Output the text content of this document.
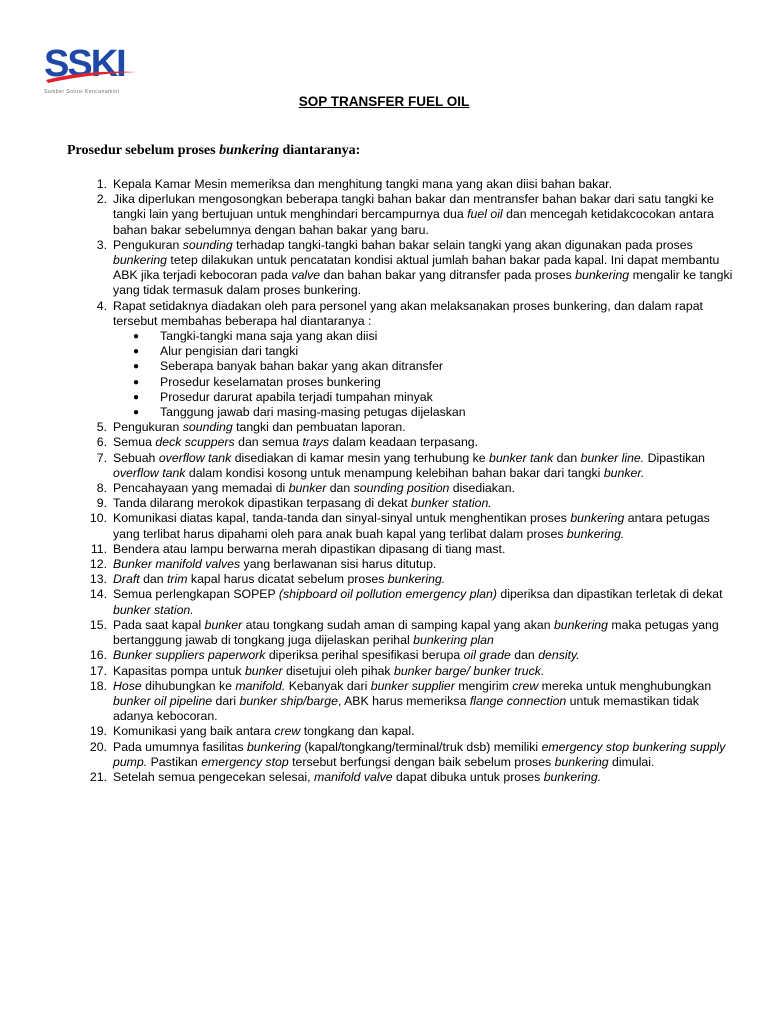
SSKI
Sumber Solusi Kencanamini
SOP TRANSFER FUEL OIL
Prosedur sebelum proses bunkering diantaranya:
1. Kepala Kamar Mesin memeriksa dan menghitung tangki mana yang akan diisi bahan bakar.
2. Jika diperlukan mengosongkan beberapa tangki bahan bakar dan mentransfer bahan bakar dari satu tangki ke tangki lain yang bertujuan untuk menghindari bercampurnya dua fuel oil dan mencegah ketidakcocokan antara bahan bakar sebelumnya dengan bahan bakar yang baru.
3. Pengukuran sounding terhadap tangki-tangki bahan bakar selain tangki yang akan digunakan pada proses bunkering tetep dilakukan untuk pencatatan kondisi aktual jumlah bahan bakar pada kapal. Ini dapat membantu ABK jika terjadi kebocoran pada valve dan bahan bakar yang ditransfer pada proses bunkering mengalir ke tangki yang tidak termasuk dalam proses bunkering.
4. Rapat setidaknya diadakan oleh para personel yang akan melaksanakan proses bunkering, dan dalam rapat tersebut membahas beberapa hal diantaranya :
●	Tangki-tangki mana saja yang akan diisi
●	Alur pengisian dari tangki
●	Seberapa banyak bahan bakar yang akan ditransfer
●	Prosedur keselamatan proses bunkering
●	Prosedur darurat apabila terjadi tumpahan minyak
●	Tanggung jawab dari masing-masing petugas dijelaskan
5. Pengukuran sounding tangki dan pembuatan laporan.
6. Semua deck scuppers dan semua trays dalam keadaan terpasang.
7. Sebuah overflow tank disediakan di kamar mesin yang terhubung ke bunker tank dan bunker line. Dipastikan overflow tank dalam kondisi kosong untuk menampung kelebihan bahan bakar dari tangki bunker.
8. Pencahayaan yang memadai di bunker dan sounding position disediakan.
9. Tanda dilarang merokok dipastikan terpasang di dekat bunker station.
10. Komunikasi diatas kapal, tanda-tanda dan sinyal-sinyal untuk menghentikan proses bunkering antara petugas yang terlibat harus dipahami oleh para anak buah kapal yang terlibat dalam proses bunkering.
11. Bendera atau lampu berwarna merah dipastikan dipasang di tiang mast.
12. Bunker manifold valves yang berlawanan sisi harus ditutup.
13. Draft dan trim kapal harus dicatat sebelum proses bunkering.
14. Semua perlengkapan SOPEP (shipboard oil pollution emergency plan) diperiksa dan dipastikan terletak di dekat bunker station.
15. Pada saat kapal bunker atau tongkang sudah aman di samping kapal yang akan bunkering maka petugas yang bertanggung jawab di tongkang juga dijelaskan perihal bunkering plan
16. Bunker suppliers paperwork diperiksa perihal spesifikasi berupa oil grade dan density.
17. Kapasitas pompa untuk bunker disetujui oleh pihak bunker barge/ bunker truck.
18. Hose dihubungkan ke manifold. Kebanyak dari bunker supplier mengirim crew mereka untuk menghubungkan bunker oil pipeline dari bunker ship/barge, ABK harus memeriksa flange connection untuk memastikan tidak adanya kebocoran.
19. Komunikasi yang baik antara crew tongkang dan kapal.
20. Pada umumnya fasilitas bunkering (kapal/tongkang/terminal/truk dsb) memiliki emergency stop bunkering supply pump. Pastikan emergency stop tersebut berfungsi dengan baik sebelum proses bunkering dimulai.
21. Setelah semua pengecekan selesai, manifold valve dapat dibuka untuk proses bunkering.
